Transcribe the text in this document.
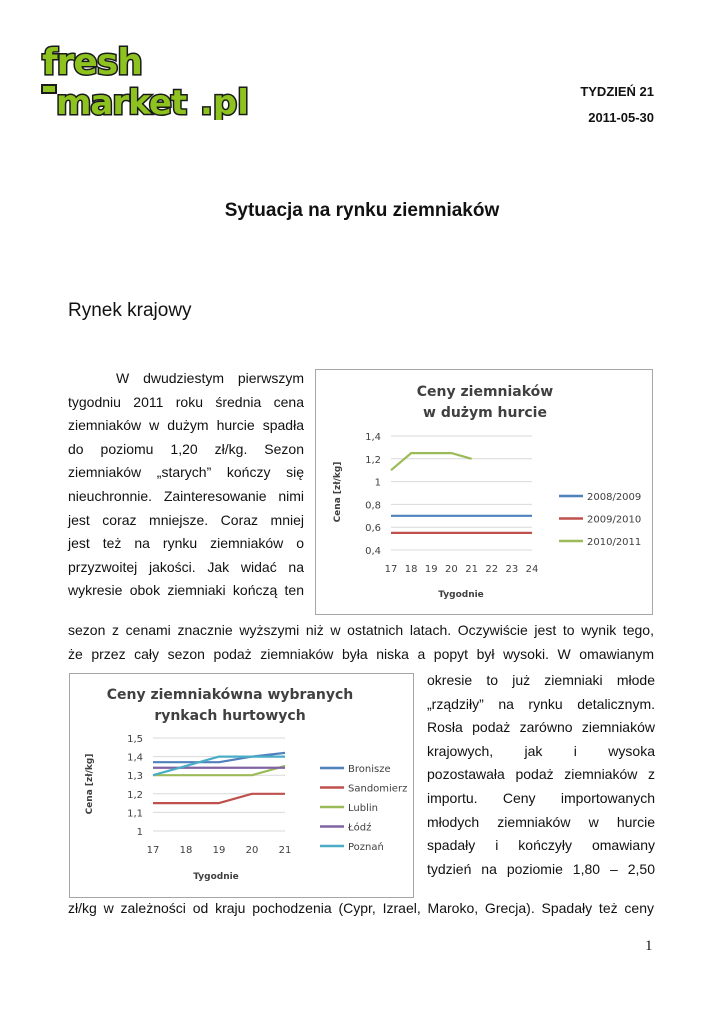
fresh
market .pl	TYDZIEŃ 21
2011-05-30
Sytuacja na rynku ziemniaków
Rynek krajowy
W dwudziestym pierwszym
tygodniu 2011 roku średnia cena
ziemniaków w dużym hurcie spadła
do poziomu 1,20 zł/kg. Sezon
ziemniaków „starych” kończy się
nieuchronnie. Zainteresowanie nimi
jest coraz mniejsze. Coraz mniej
jest też na rynku ziemniaków o
przyzwoitej jakości. Jak widać na
wykresie obok ziemniaki kończą ten
sezon z cenami znacznie wyższymi niż w ostatnich latach. Oczywiście jest to wynik tego,
że przez cały sezon podaż ziemniaków była niska a popyt był wysoki. W omawianym
okresie to już ziemniaki młode
„rządziły” na rynku detalicznym.
Rosła podaż zarówno ziemniaków
krajowych, jak i wysoka
pozostawała podaż ziemniaków z
importu. Ceny importowanych
młodych ziemniaków w hurcie
spadały i kończyły omawiany
tydzień na poziomie 1,80 – 2,50
zł/kg w zależności od kraju pochodzenia (Cypr, Izrael, Maroko, Grecja). Spadały też ceny
Ceny ziemniaków
w dużym hurcie
0,4
0,6
0,8
1
1,2
1,4
17 18 19 20 21 22 23 24
Tygodnie
Cena [zł/kg]	2008/2009
2009/2010
2010/2011
Ceny ziemniakówna wybranych
rynkach hurtowych
1
1,1
1,2
1,3
1,4
1,5
17 18 19 20 21
Tygodnie
Cena [zł/kg]	Bronisze
Sandomierz
Lublin
Łódź
Poznań
1
